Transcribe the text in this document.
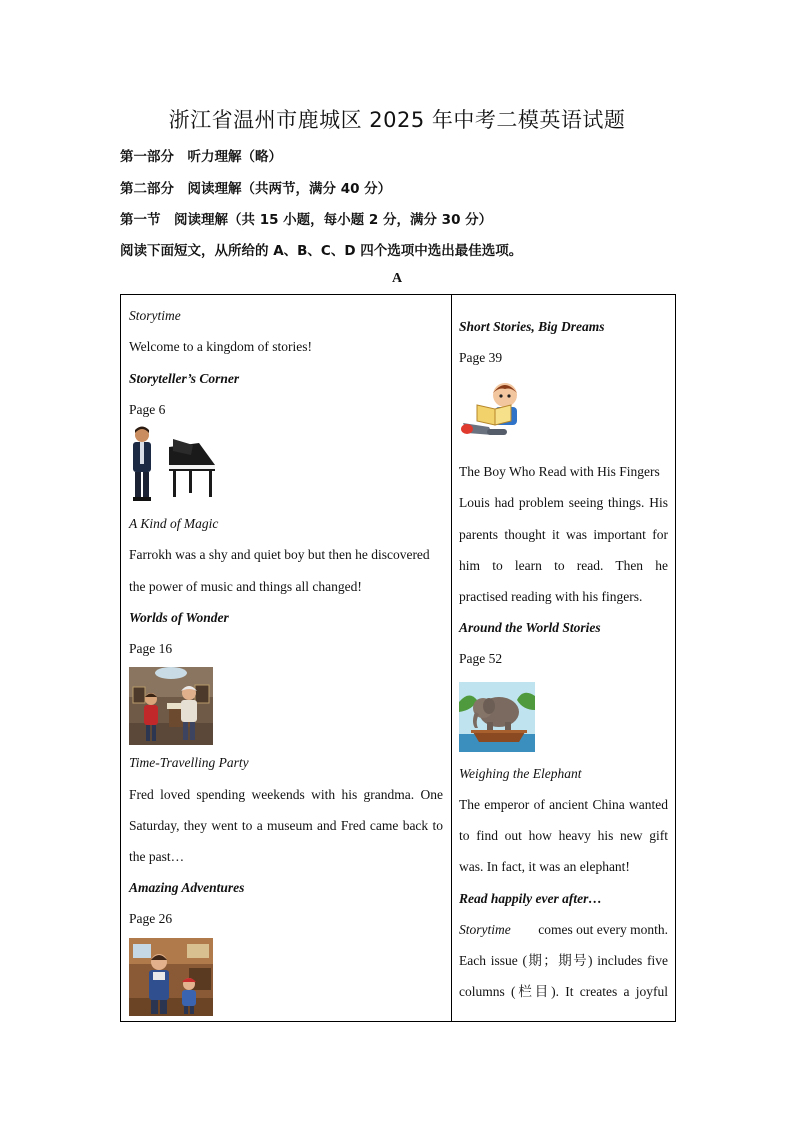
浙江省温州市鹿城区 2025 年中考二模英语试题
第一部分　听力理解（略）
第二部分　阅读理解（共两节，满分 40 分）
第一节　阅读理解（共 15 小题，每小题 2 分，满分 30 分）
阅读下面短文，从所给的 A、B、C、D 四个选项中选出最佳选项。
A
Storytime
Welcome to a kingdom of stories!
Storyteller’s Corner
Page 6
A Kind of Magic
Farrokh was a shy and quiet boy but then he discovered
the power of music and things all changed!
Worlds of Wonder
Page 16
Time-Travelling Party
Fred loved spending weekends with his grandma. One
Saturday, they went to a museum and Fred came back to
the past…
Amazing Adventures
Page 26
Short Stories, Big Dreams
Page 39
The Boy Who Read with His Fingers
Louis had problem seeing things. His
parents thought it was important for
him to learn to read. Then he
practised reading with his fingers.
Around the World Stories
Page 52
Weighing the Elephant
The emperor of ancient China wanted
to find out how heavy his new gift
was. In fact, it was an elephant!
Read happily ever after…
Storytime comes out every month.
Each issue (期；期号) includes five
columns (栏目). It creates a joyful
